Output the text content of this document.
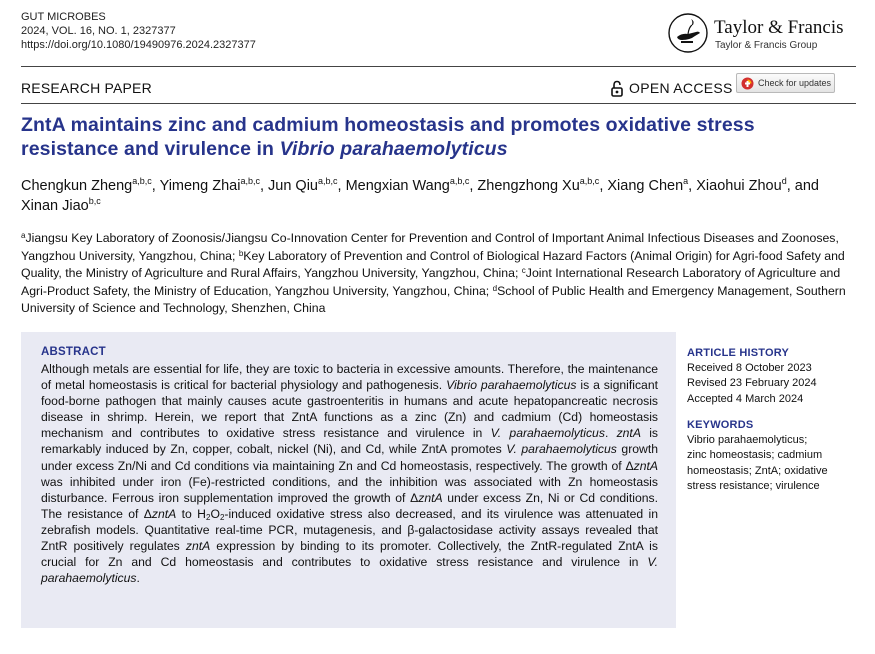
GUT MICROBES
2024, VOL. 16, NO. 1, 2327377
https://doi.org/10.1080/19490976.2024.2327377
Taylor & Francis
Taylor & Francis Group
RESEARCH PAPER	OPEN ACCESS	Check for updates
ZntA maintains zinc and cadmium homeostasis and promotes oxidative stress resistance and virulence in Vibrio parahaemolyticus
Chengkun Zheng$^{a,b,c}$, Yimeng Zhai$^{a,b,c}$, Jun Qiu$^{a,b,c}$, Mengxian Wang$^{a,b,c}$, Zhengzhong Xu$^{a,b,c}$, Xiang Chen$^a$, Xiaohui Zhou$^d$, and Xinan Jiao$^{b,c}$
$^a$Jiangsu Key Laboratory of Zoonosis/Jiangsu Co-Innovation Center for Prevention and Control of Important Animal Infectious Diseases and Zoonoses, Yangzhou University, Yangzhou, China; $^b$Key Laboratory of Prevention and Control of Biological Hazard Factors (Animal Origin) for Agri-food Safety and Quality, the Ministry of Agriculture and Rural Affairs, Yangzhou University, Yangzhou, China; $^c$Joint International Research Laboratory of Agriculture and Agri-Product Safety, the Ministry of Education, Yangzhou University, Yangzhou, China; $^d$School of Public Health and Emergency Management, Southern University of Science and Technology, Shenzhen, China
ABSTRACT
Although metals are essential for life, they are toxic to bacteria in excessive amounts. Therefore, the maintenance of metal homeostasis is critical for bacterial physiology and pathogenesis. Vibrio parahaemolyticus is a significant food-borne pathogen that mainly causes acute gastroenteritis in humans and acute hepatopancreatic necrosis disease in shrimp. Herein, we report that ZntA functions as a zinc (Zn) and cadmium (Cd) homeostasis mechanism and contributes to oxidative stress resistance and virulence in V. parahaemolyticus. zntA is remarkably induced by Zn, copper, cobalt, nickel (Ni), and Cd, while ZntA promotes V. parahaemolyticus growth under excess Zn/Ni and Cd conditions via maintaining Zn and Cd homeostasis, respectively. The growth of ΔzntA was inhibited under iron (Fe)-restricted conditions, and the inhibition was associated with Zn homeostasis disturbance. Ferrous iron supplementation improved the growth of ΔzntA under excess Zn, Ni or Cd conditions. The resistance of ΔzntA to $H_2O_2$-induced oxidative stress also decreased, and its virulence was attenuated in zebrafish models. Quantitative real-time PCR, mutagenesis, and β-galactosidase activity assays revealed that ZntR positively regulates zntA expression by binding to its promoter. Collectively, the ZntR-regulated ZntA is crucial for Zn and Cd homeostasis and contributes to oxidative stress resistance and virulence in V. parahaemolyticus.
ARTICLE HISTORY
Received 8 October 2023
Revised 23 February 2024
Accepted 4 March 2024
KEYWORDS
Vibrio parahaemolyticus;
zinc homeostasis; cadmium
homeostasis; ZntA; oxidative
stress resistance; virulence
